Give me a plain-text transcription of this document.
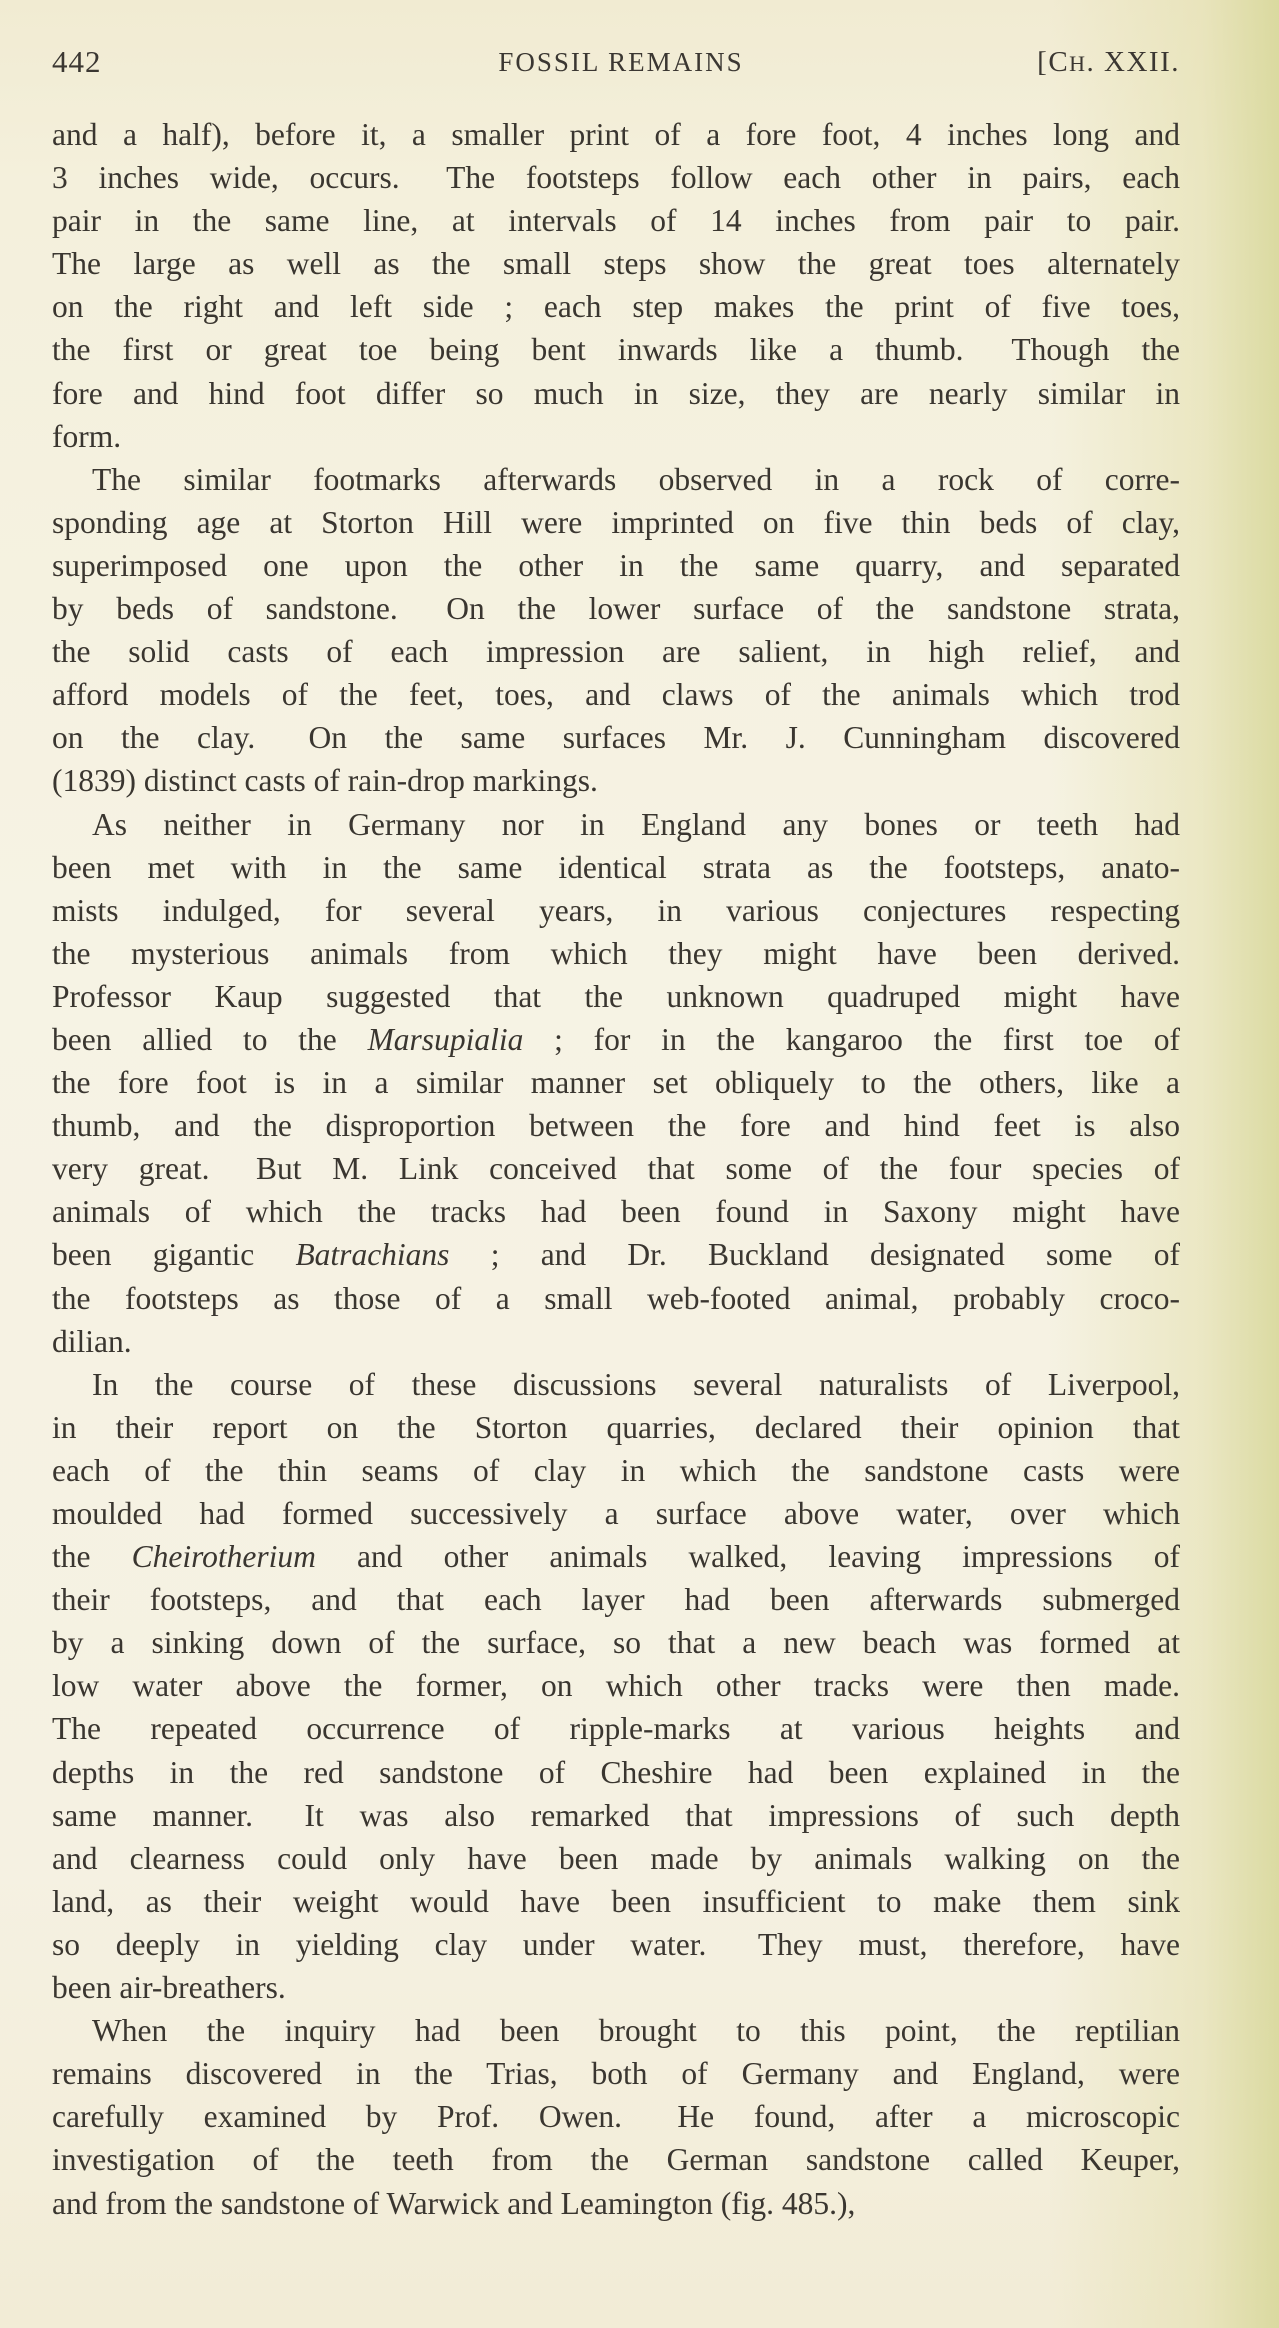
442	FOSSIL REMAINS	[CH. XXII.
and a half), before it, a smaller print of a fore foot, 4 inches long and
3 inches wide, occurs.  The footsteps follow each other in pairs, each
pair in the same line, at intervals of 14 inches from pair to pair.
The large as well as the small steps show the great toes alternately
on the right and left side ; each step makes the print of five toes,
the first or great toe being bent inwards like a thumb.  Though the
fore and hind foot differ so much in size, they are nearly similar in
form.
The similar footmarks afterwards observed in a rock of corre-
sponding age at Storton Hill were imprinted on five thin beds of clay,
superimposed one upon the other in the same quarry, and separated
by beds of sandstone.  On the lower surface of the sandstone strata,
the solid casts of each impression are salient, in high relief, and
afford models of the feet, toes, and claws of the animals which trod
on the clay.  On the same surfaces Mr. J. Cunningham discovered
(1839) distinct casts of rain-drop markings.
As neither in Germany nor in England any bones or teeth had
been met with in the same identical strata as the footsteps, anato-
mists indulged, for several years, in various conjectures respecting
the mysterious animals from which they might have been derived.
Professor Kaup suggested that the unknown quadruped might have
been allied to the Marsupialia ; for in the kangaroo the first toe of
the fore foot is in a similar manner set obliquely to the others, like a
thumb, and the disproportion between the fore and hind feet is also
very great.  But M. Link conceived that some of the four species of
animals of which the tracks had been found in Saxony might have
been gigantic Batrachians ; and Dr. Buckland designated some of
the footsteps as those of a small web-footed animal, probably croco-
dilian.
In the course of these discussions several naturalists of Liverpool,
in their report on the Storton quarries, declared their opinion that
each of the thin seams of clay in which the sandstone casts were
moulded had formed successively a surface above water, over which
the Cheirotherium and other animals walked, leaving impressions of
their footsteps, and that each layer had been afterwards submerged
by a sinking down of the surface, so that a new beach was formed at
low water above the former, on which other tracks were then made.
The repeated occurrence of ripple-marks at various heights and
depths in the red sandstone of Cheshire had been explained in the
same manner.  It was also remarked that impressions of such depth
and clearness could only have been made by animals walking on the
land, as their weight would have been insufficient to make them sink
so deeply in yielding clay under water.  They must, therefore, have
been air-breathers.
When the inquiry had been brought to this point, the reptilian
remains discovered in the Trias, both of Germany and England, were
carefully examined by Prof. Owen.  He found, after a microscopic
investigation of the teeth from the German sandstone called Keuper,
and from the sandstone of Warwick and Leamington (fig. 485.),
